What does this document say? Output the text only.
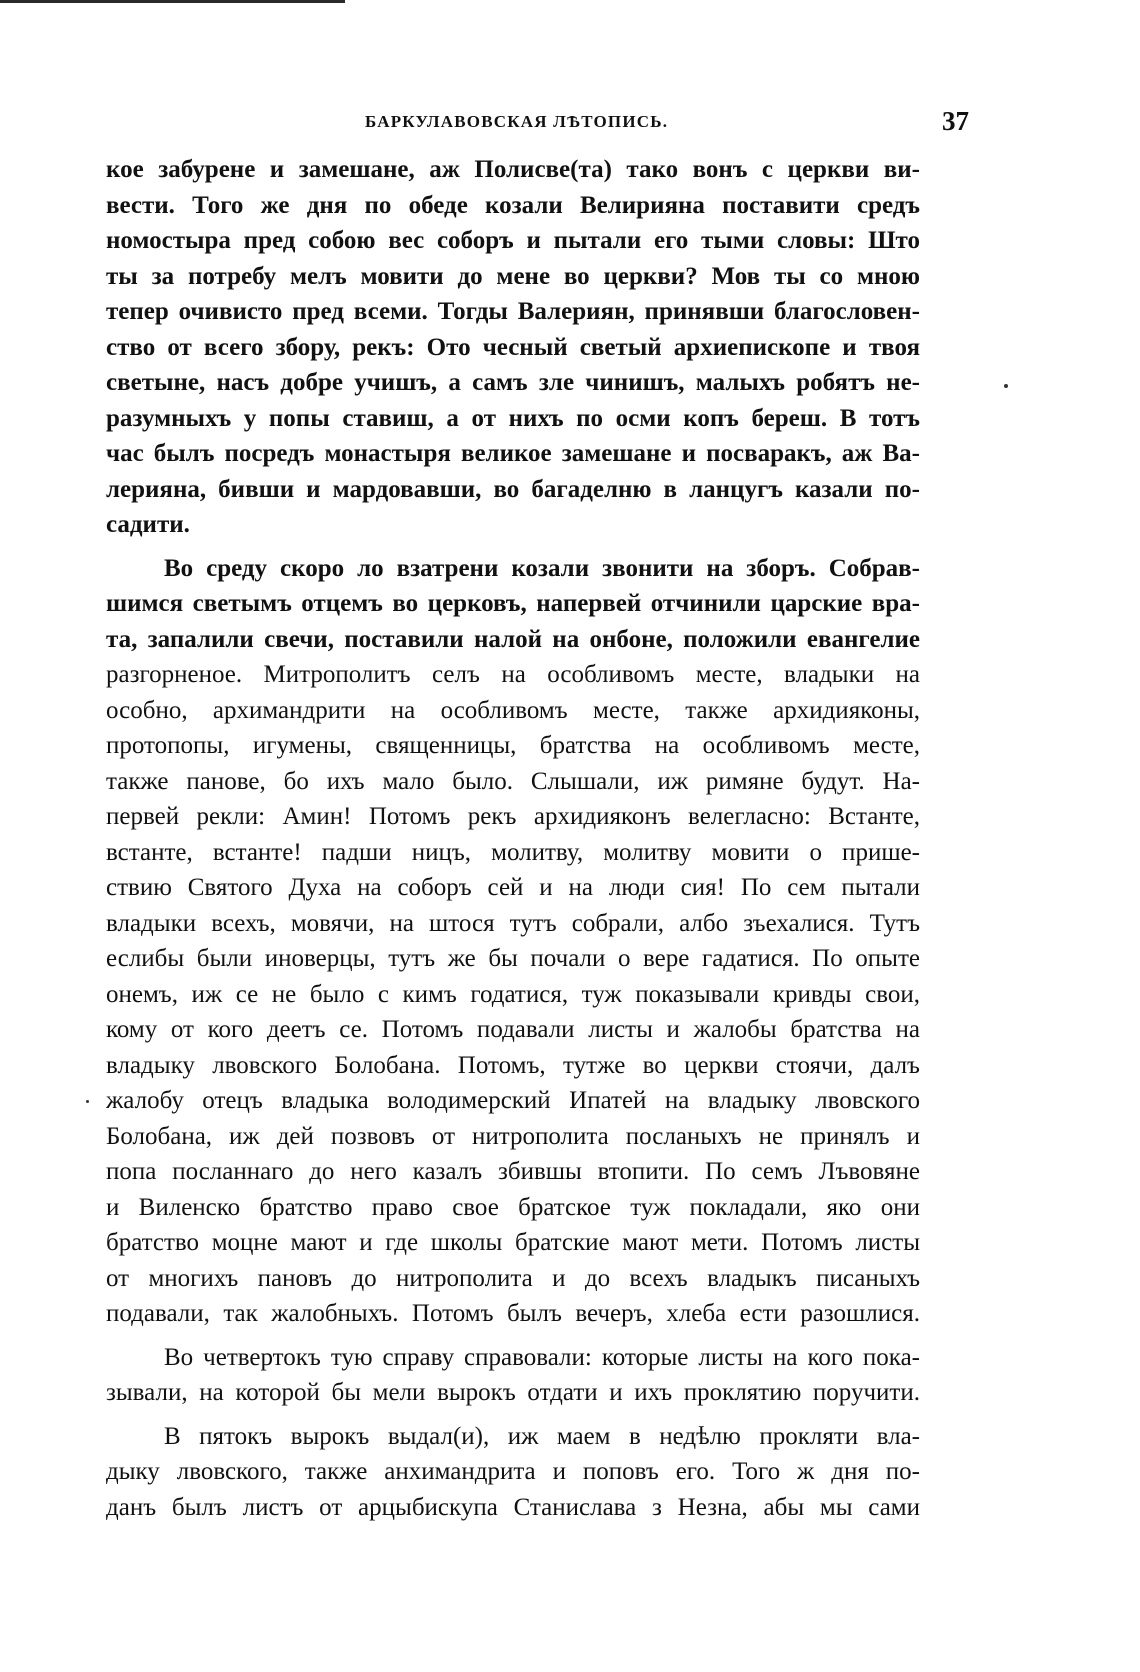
БАРКУЛАВОВСКАЯ ЛѢТОПИСЬ.	37
кое забурене и замешане, аж Полисве(та) тако вонъ с церкви ви-
вести. Того же дня по обеде козали Велирияна поставити средъ
номостыра пред собою вес соборъ и пытали его тыми словы: Што
ты за потребу мелъ мовити до мене во церкви? Мов ты со мною
тепер очивисто пред всеми. Тогды Валериян, принявши благословен-
ство от всего збору, рекъ: Ото чесный светый архиепископе и твоя
светыне, насъ добре учишъ, а самъ зле чинишъ, малыхъ робятъ не-
разумныхъ у попы ставиш, а от нихъ по осми копъ береш. В тотъ
час былъ посредъ монастыря великое замешане и посваракъ, аж Ва-
лерияна, бивши и мардовавши, во багаделню в ланцугъ казали по-
садити.
Во среду скоро ло взатрени козали звонити на зборъ. Собрав-
шимся светымъ отцемъ во церковъ, напервей отчинили царские вра-
та, запалили свечи, поставили налой на онбоне, положили евангелие
разгорненое. Митрополитъ селъ на особливомъ месте, владыки на
особно, архимандрити на особливомъ месте, также архидияконы,
протопопы, игумены, священницы, братства на особливомъ месте,
также панове, бо ихъ мало было. Слышали, иж римяне будут. На-
первей рекли: Амин! Потомъ рекъ архидияконъ велегласно: Встанте,
встанте, встанте! падши ницъ, молитву, молитву мовити о прише-
ствию Святого Духа на соборъ сей и на люди сия! По сем пытали
владыки всехъ, мовячи, на штося тутъ собрали, албо зъехалися. Тутъ
еслибы были иноверцы, тутъ же бы почали о вере гадатися. По опыте
онемъ, иж се не было с кимъ годатися, туж показывали кривды свои,
кому от кого деетъ се. Потомъ подавали листы и жалобы братства на
владыку лвовского Болобана. Потомъ, тутже во церкви стоячи, далъ
жалобу отецъ владыка володимерский Ипатей на владыку лвовского
Болобана, иж дей позвовъ от нитрополита посланыхъ не принялъ и
попа посланнаго до него казалъ збившы втопити. По семъ Лъвовяне
и Виленско братство право свое братское туж покладали, яко они
братство моцне мают и где школы братские мают мети. Потомъ листы
от многихъ пановъ до нитрополита и до всехъ владыкъ писаныхъ
подавали, так жалобныхъ. Потомъ былъ вечеръ, хлеба ести разошлися.
Во четвертокъ тую справу справовали: которые листы на кого пока-
зывали, на которой бы мели вырокъ отдати и ихъ проклятию поручити.
В пятокъ вырокъ выдал(и), иж маем в недѣлю прокляти вла-
дыку лвовского, также анхимандрита и поповъ его. Того ж дня по-
данъ былъ листъ от арцыбискупа Станислава з Незна, абы мы сами
